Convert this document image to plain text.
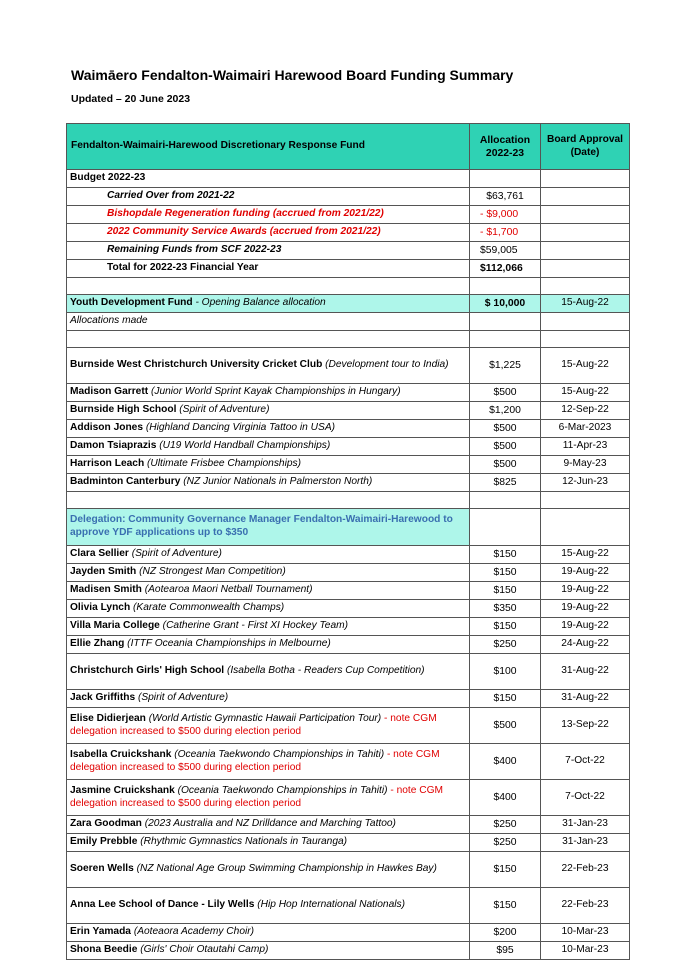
Waimāero Fendalton-Waimairi Harewood Board Funding Summary
Updated – 20 June 2023
Fendalton-Waimairi-Harewood Discretionary Response Fund	Allocation 2022-23	Board Approval (Date)
Budget 2022-23		
Carried Over from 2021-22	$63,761	
Bishopdale Regeneration funding (accrued from 2021/22)	- $9,000	
2022 Community Service Awards (accrued from 2021/22)	- $1,700	
Remaining Funds from SCF 2022-23	$59,005	
Total for 2022-23 Financial Year	$112,066	

Youth Development Fund - Opening Balance allocation	$ 10,000	15-Aug-22
Allocations made		

Burnside West Christchurch University Cricket Club (Development tour to India)	$1,225	15-Aug-22
Madison Garrett (Junior World Sprint Kayak Championships in Hungary)	$500	15-Aug-22
Burnside High School (Spirit of Adventure)	$1,200	12-Sep-22
Addison Jones (Highland Dancing Virginia Tattoo in USA)	$500	6-Mar-2023
Damon Tsiaprazis (U19 World Handball Championships)	$500	11-Apr-23
Harrison Leach (Ultimate Frisbee Championships)	$500	9-May-23
Badminton Canterbury (NZ Junior Nationals in Palmerston North)	$825	12-Jun-23

Delegation: Community Governance Manager Fendalton-Waimairi-Harewood to approve YDF applications up to $350		
Clara Sellier (Spirit of Adventure)	$150	15-Aug-22
Jayden Smith (NZ Strongest Man Competition)	$150	19-Aug-22
Madisen Smith (Aotearoa Maori Netball Tournament)	$150	19-Aug-22
Olivia Lynch (Karate Commonwealth Champs)	$350	19-Aug-22
Villa Maria College (Catherine Grant - First XI Hockey Team)	$150	19-Aug-22
Ellie Zhang (ITTF Oceania Championships in Melbourne)	$250	24-Aug-22
Christchurch Girls' High School (Isabella Botha - Readers Cup Competition)	$100	31-Aug-22
Jack Griffiths (Spirit of Adventure)	$150	31-Aug-22
Elise Didierjean (World Artistic Gymnastic Hawaii Participation Tour) - note CGM delegation increased to $500 during election period	$500	13-Sep-22
Isabella Cruickshank (Oceania Taekwondo Championships in Tahiti) - note CGM delegation increased to $500 during election period	$400	7-Oct-22
Jasmine Cruickshank (Oceania Taekwondo Championships in Tahiti) - note CGM delegation increased to $500 during election period	$400	7-Oct-22
Zara Goodman (2023 Australia and NZ Drilldance and Marching Tattoo)	$250	31-Jan-23
Emily Prebble (Rhythmic Gymnastics Nationals in Tauranga)	$250	31-Jan-23
Soeren Wells (NZ National Age Group Swimming Championship in Hawkes Bay)	$150	22-Feb-23
Anna Lee School of Dance - Lily Wells (Hip Hop International Nationals)	$150	22-Feb-23
Erin Yamada (Aoteaora Academy Choir)	$200	10-Mar-23
Shona Beedie (Girls' Choir Otautahi Camp)	$95	10-Mar-23
